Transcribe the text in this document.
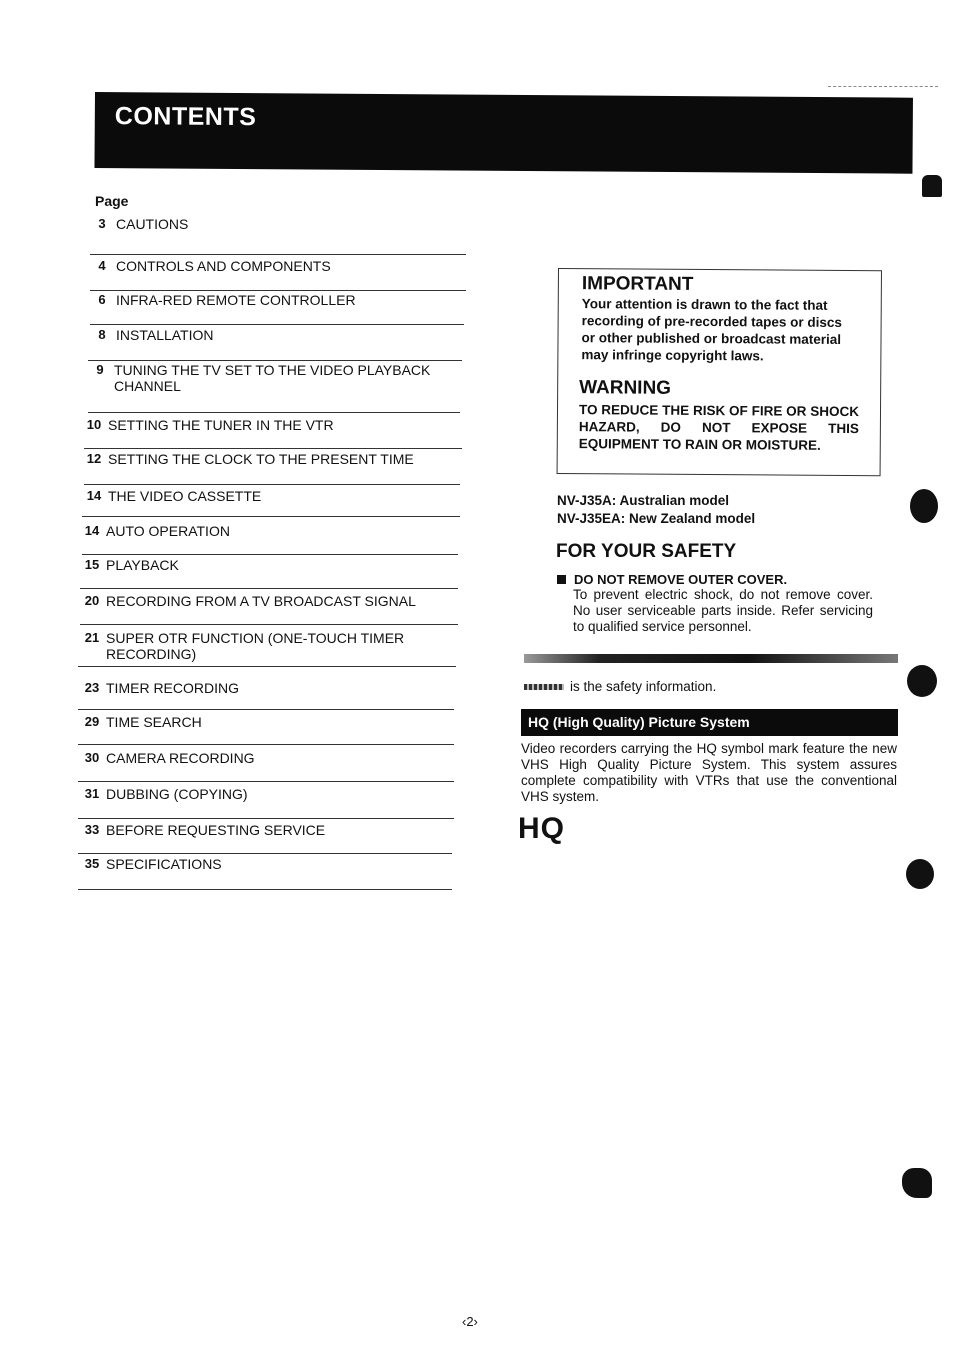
CONTENTS
Page
3 CAUTIONS
4 CONTROLS AND COMPONENTS
6 INFRA-RED REMOTE CONTROLLER
8 INSTALLATION
9 TUNING THE TV SET TO THE VIDEO PLAYBACK CHANNEL
10 SETTING THE TUNER IN THE VTR
12 SETTING THE CLOCK TO THE PRESENT TIME
14 THE VIDEO CASSETTE
14 AUTO OPERATION
15 PLAYBACK
20 RECORDING FROM A TV BROADCAST SIGNAL
21 SUPER OTR FUNCTION (ONE-TOUCH TIMER RECORDING)
23 TIMER RECORDING
29 TIME SEARCH
30 CAMERA RECORDING
31 DUBBING (COPYING)
33 BEFORE REQUESTING SERVICE
35 SPECIFICATIONS
IMPORTANT
Your attention is drawn to the fact that recording of pre-recorded tapes or discs or other published or broadcast material may infringe copyright laws.
WARNING
TO REDUCE THE RISK OF FIRE OR SHOCK HAZARD, DO NOT EXPOSE THIS EQUIPMENT TO RAIN OR MOISTURE.
NV-J35A: Australian model
NV-J35EA: New Zealand model
FOR YOUR SAFETY
DO NOT REMOVE OUTER COVER.
To prevent electric shock, do not remove cover. No user serviceable parts inside. Refer servicing to qualified service personnel.
is the safety information.
HQ (High Quality) Picture System
Video recorders carrying the HQ symbol mark feature the new VHS High Quality Picture System. This system assures complete compatibility with VTRs that use the conventional VHS system.
HQ
‹2›
